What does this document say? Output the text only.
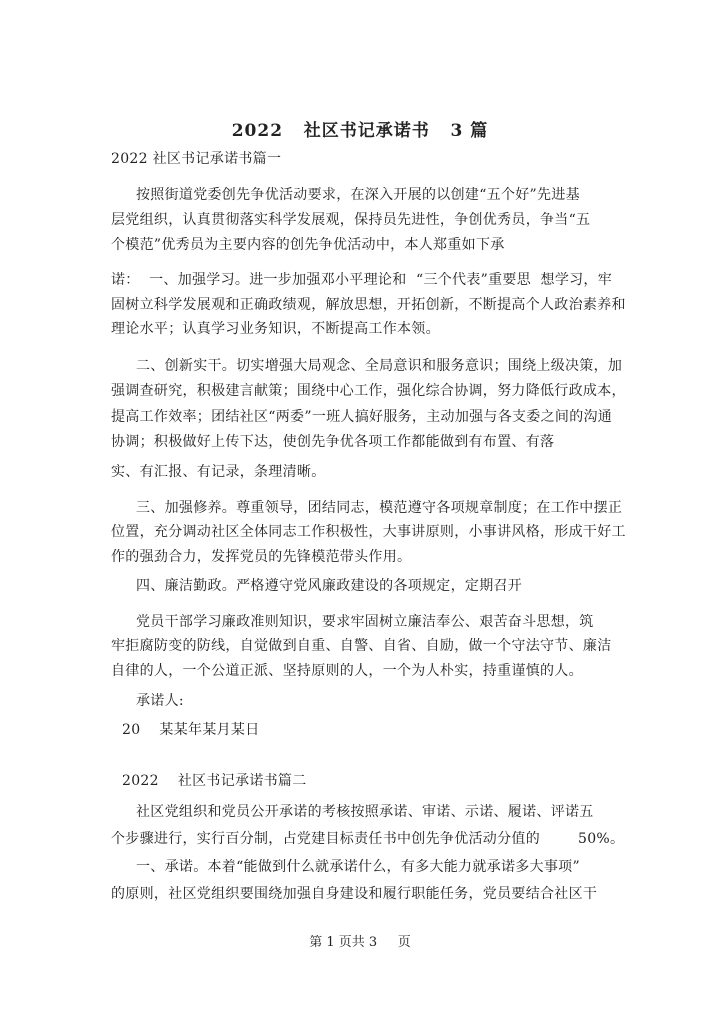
2022   社区书记承诺书   3 篇
2022 社区书记承诺书篇一
按照街道党委创先争优活动要求，在深入开展的以创建“五个好”先进基
层党组织，认真贯彻落实科学发展观，保持员先进性，争创优秀员，争当“五
个模范”优秀员为主要内容的创先争优活动中，本人郑重如下承
诺：  一、加强学习。进一步加强邓小平理论和  “三个代表”重要思  想学习，牢
固树立科学发展观和正确政绩观，解放思想，开拓创新，不断提高个人政治素养和
理论水平；认真学习业务知识，不断提高工作本领。
二、创新实干。切实增强大局观念、全局意识和服务意识；围绕上级决策，加
强调查研究，积极建言献策；围绕中心工作，强化综合协调，努力降低行政成本，
提高工作效率；团结社区“两委”一班人搞好服务，主动加强与各支委之间的沟通
协调；积极做好上传下达，使创先争优各项工作都能做到有布置、有落
实、有汇报、有记录，条理清晰。
三、加强修养。尊重领导，团结同志，模范遵守各项规章制度；在工作中摆正
位置，充分调动社区全体同志工作积极性，大事讲原则，小事讲风格，形成干好工
作的强劲合力，发挥党员的先锋模范带头作用。
四、廉洁勤政。严格遵守党风廉政建设的各项规定，定期召开
党员干部学习廉政准则知识，要求牢固树立廉洁奉公、艰苦奋斗思想，筑
牢拒腐防变的防线，自觉做到自重、自警、自省、自励，做一个守法守节、廉洁
自律的人，一个公道正派、坚持原则的人，一个为人朴实，持重谨慎的人。
承诺人:
20    某某年某月某日
2022    社区书记承诺书篇二
社区党组织和党员公开承诺的考核按照承诺、审诺、示诺、履诺、评诺五
个步骤进行，实行百分制，占党建目标责任书中创先争优活动分值的        50%。
一、承诺。本着“能做到什么就承诺什么，有多大能力就承诺多大事项”
的原则，社区党组织要围绕加强自身建设和履行职能任务，党员要结合社区干
第 1 页共 3     页
